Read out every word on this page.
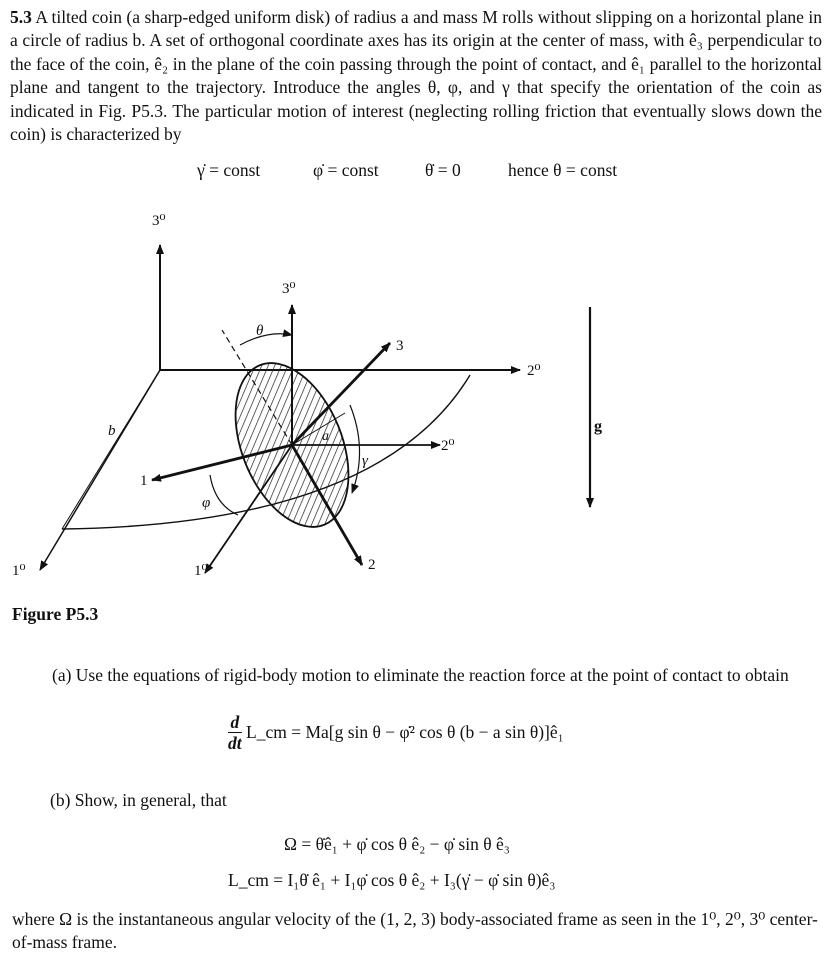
5.3 A tilted coin (a sharp-edged uniform disk) of radius a and mass M rolls without slipping on a horizontal plane in a circle of radius b. A set of orthogonal coordinate axes has its origin at the center of mass, with ê₃ perpendicular to the face of the coin, ê₂ in the plane of the coin passing through the point of contact, and ê₁ parallel to the horizontal plane and tangent to the trajectory. Introduce the angles θ, φ, and γ that specify the orientation of the coin as indicated in Fig. P5.3. The particular motion of interest (neglecting rolling friction that eventually slows down the coin) is characterized by
γ̇ = const	φ̇ = const	θ̇ = 0	hence θ = const
3⁰
3⁰
2⁰
2⁰
1⁰	1⁰
3
1
2
θ
φ
γ
a
b	g
Figure P5.3
(a) Use the equations of rigid-body motion to eliminate the reaction force at the point of contact to obtain
$\frac{d}{dt}$ L_cm = Ma[g sin θ − φ̇² cos θ (b − a sin θ)]ê₁
(b) Show, in general, that
Ω = θ̇ê₁ + φ̇ cos θ ê₂ − φ̇ sin θ ê₃
L_cm = I₁θ̇ ê₁ + I₁φ̇ cos θ ê₂ + I₃(γ̇ − φ̇ sin θ)ê₃
where Ω is the instantaneous angular velocity of the (1, 2, 3) body-associated frame as seen in the 1⁰, 2⁰, 3⁰ center-of-mass frame.
